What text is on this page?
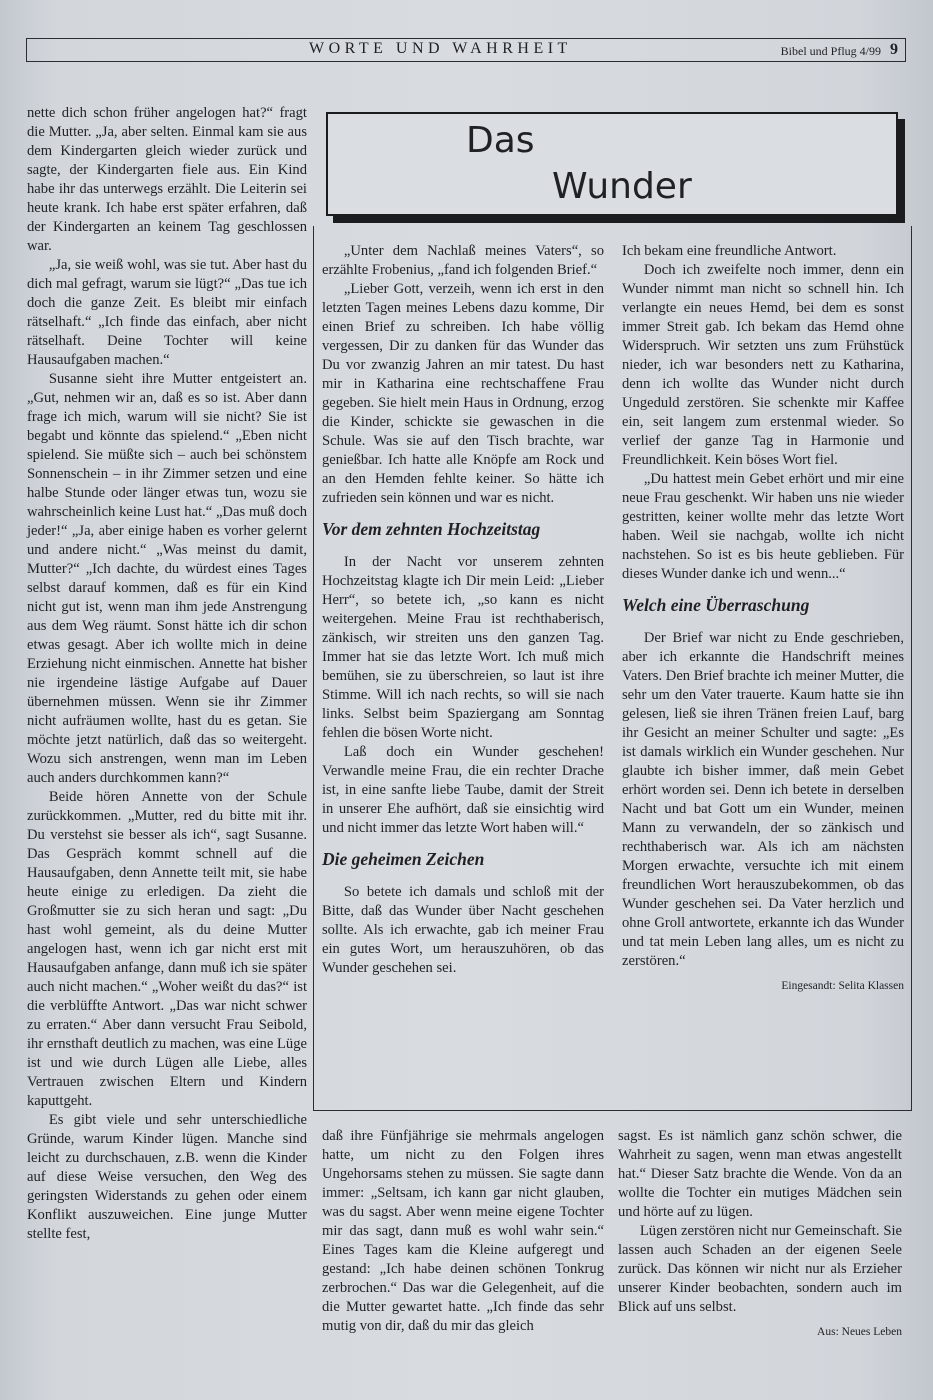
WORTE UND WAHRHEIT	Bibel und Pflug 4/99 9

nette dich schon früher angelogen hat?“ fragt die Mutter. „Ja, aber selten. Einmal kam sie aus dem Kindergarten gleich wieder zurück und sagte, der Kindergarten fiele aus. Ein Kind habe ihr das unterwegs erzählt. Die Leiterin sei heute krank. Ich habe erst später erfahren, daß der Kindergarten an keinem Tag geschlossen war.

„Ja, sie weiß wohl, was sie tut. Aber hast du dich mal gefragt, warum sie lügt?“ „Das tue ich doch die ganze Zeit. Es bleibt mir einfach rätselhaft.“ „Ich finde das einfach, aber nicht rätselhaft. Deine Tochter will keine Hausaufgaben machen.“

Susanne sieht ihre Mutter entgeistert an. „Gut, nehmen wir an, daß es so ist. Aber dann frage ich mich, warum will sie nicht? Sie ist begabt und könnte das spielend.“ „Eben nicht spielend. Sie müßte sich – auch bei schönstem Sonnenschein – in ihr Zimmer setzen und eine halbe Stunde oder länger etwas tun, wozu sie wahrscheinlich keine Lust hat.“ „Das muß doch jeder!“ „Ja, aber einige haben es vorher gelernt und andere nicht.“ „Was meinst du damit, Mutter?“ „Ich dachte, du würdest eines Tages selbst darauf kommen, daß es für ein Kind nicht gut ist, wenn man ihm jede Anstrengung aus dem Weg räumt. Sonst hätte ich dir schon etwas gesagt. Aber ich wollte mich in deine Erziehung nicht einmischen. Annette hat bisher nie irgendeine lästige Aufgabe auf Dauer übernehmen müssen. Wenn sie ihr Zimmer nicht aufräumen wollte, hast du es getan. Sie möchte jetzt natürlich, daß das so weitergeht. Wozu sich anstrengen, wenn man im Leben auch anders durchkommen kann?“

Beide hören Annette von der Schule zurückkommen. „Mutter, red du bitte mit ihr. Du verstehst sie besser als ich“, sagt Susanne. Das Gespräch kommt schnell auf die Hausaufgaben, denn Annette teilt mit, sie habe heute einige zu erledigen. Da zieht die Großmutter sie zu sich heran und sagt: „Du hast wohl gemeint, als du deine Mutter angelogen hast, wenn ich gar nicht erst mit Hausaufgaben anfange, dann muß ich sie später auch nicht machen.“ „Woher weißt du das?“ ist die verblüffte Antwort. „Das war nicht schwer zu erraten.“ Aber dann versucht Frau Seibold, ihr ernsthaft deutlich zu machen, was eine Lüge ist und wie durch Lügen alle Liebe, alles Vertrauen zwischen Eltern und Kindern kaputtgeht.

Es gibt viele und sehr unterschiedliche Gründe, warum Kinder lügen. Manche sind leicht zu durchschauen, z.B. wenn die Kinder auf diese Weise versuchen, den Weg des geringsten Widerstands zu gehen oder einem Konflikt auszuweichen. Eine junge Mutter stellte fest,

Das
Wunder

„Unter dem Nachlaß meines Vaters“, so erzählte Frobenius, „fand ich folgenden Brief.“

„Lieber Gott, verzeih, wenn ich erst in den letzten Tagen meines Lebens dazu komme, Dir einen Brief zu schreiben. Ich habe völlig vergessen, Dir zu danken für das Wunder das Du vor zwanzig Jahren an mir tatest. Du hast mir in Katharina eine rechtschaffene Frau gegeben. Sie hielt mein Haus in Ordnung, erzog die Kinder, schickte sie gewaschen in die Schule. Was sie auf den Tisch brachte, war genießbar. Ich hatte alle Knöpfe am Rock und an den Hemden fehlte keiner. So hätte ich zufrieden sein können und war es nicht.

Vor dem zehnten Hochzeitstag

In der Nacht vor unserem zehnten Hochzeitstag klagte ich Dir mein Leid: „Lieber Herr“, so betete ich, „so kann es nicht weitergehen. Meine Frau ist rechthaberisch, zänkisch, wir streiten uns den ganzen Tag. Immer hat sie das letzte Wort. Ich muß mich bemühen, sie zu überschreien, so laut ist ihre Stimme. Will ich nach rechts, so will sie nach links. Selbst beim Spaziergang am Sonntag fehlen die bösen Worte nicht.

Laß doch ein Wunder geschehen! Verwandle meine Frau, die ein rechter Drache ist, in eine sanfte liebe Taube, damit der Streit in unserer Ehe aufhört, daß sie einsichtig wird und nicht immer das letzte Wort haben will.“

Die geheimen Zeichen

So betete ich damals und schloß mit der Bitte, daß das Wunder über Nacht geschehen sollte. Als ich erwachte, gab ich meiner Frau ein gutes Wort, um herauszuhören, ob das Wunder geschehen sei.

Ich bekam eine freundliche Antwort.

Doch ich zweifelte noch immer, denn ein Wunder nimmt man nicht so schnell hin. Ich verlangte ein neues Hemd, bei dem es sonst immer Streit gab. Ich bekam das Hemd ohne Widerspruch. Wir setzten uns zum Frühstück nieder, ich war besonders nett zu Katharina, denn ich wollte das Wunder nicht durch Ungeduld zerstören. Sie schenkte mir Kaffee ein, seit langem zum erstenmal wieder. So verlief der ganze Tag in Harmonie und Freundlichkeit. Kein böses Wort fiel.

„Du hattest mein Gebet erhört und mir eine neue Frau geschenkt. Wir haben uns nie wieder gestritten, keiner wollte mehr das letzte Wort haben. Weil sie nachgab, wollte ich nicht nachstehen. So ist es bis heute geblieben. Für dieses Wunder danke ich und wenn...“

Welch eine Überraschung

Der Brief war nicht zu Ende geschrieben, aber ich erkannte die Handschrift meines Vaters. Den Brief brachte ich meiner Mutter, die sehr um den Vater trauerte. Kaum hatte sie ihn gelesen, ließ sie ihren Tränen freien Lauf, barg ihr Gesicht an meiner Schulter und sagte: „Es ist damals wirklich ein Wunder geschehen. Nur glaubte ich bisher immer, daß mein Gebet erhört worden sei. Denn ich betete in derselben Nacht und bat Gott um ein Wunder, meinen Mann zu verwandeln, der so zänkisch und rechthaberisch war. Als ich am nächsten Morgen erwachte, versuchte ich mit einem freundlichen Wort herauszubekommen, ob das Wunder geschehen sei. Da Vater herzlich und ohne Groll antwortete, erkannte ich das Wunder und tat mein Leben lang alles, um es nicht zu zerstören.“

Eingesandt: Selita Klassen

daß ihre Fünfjährige sie mehrmals angelogen hatte, um nicht zu den Folgen ihres Ungehorsams stehen zu müssen. Sie sagte dann immer: „Seltsam, ich kann gar nicht glauben, was du sagst. Aber wenn meine eigene Tochter mir das sagt, dann muß es wohl wahr sein.“ Eines Tages kam die Kleine aufgeregt und gestand: „Ich habe deinen schönen Tonkrug zerbrochen.“ Das war die Gelegenheit, auf die die Mutter gewartet hatte. „Ich finde das sehr mutig von dir, daß du mir das gleich

sagst. Es ist nämlich ganz schön schwer, die Wahrheit zu sagen, wenn man etwas angestellt hat.“ Dieser Satz brachte die Wende. Von da an wollte die Tochter ein mutiges Mädchen sein und hörte auf zu lügen.

Lügen zerstören nicht nur Gemeinschaft. Sie lassen auch Schaden an der eigenen Seele zurück. Das können wir nicht nur als Erzieher unserer Kinder beobachten, sondern auch im Blick auf uns selbst.

Aus: Neues Leben
